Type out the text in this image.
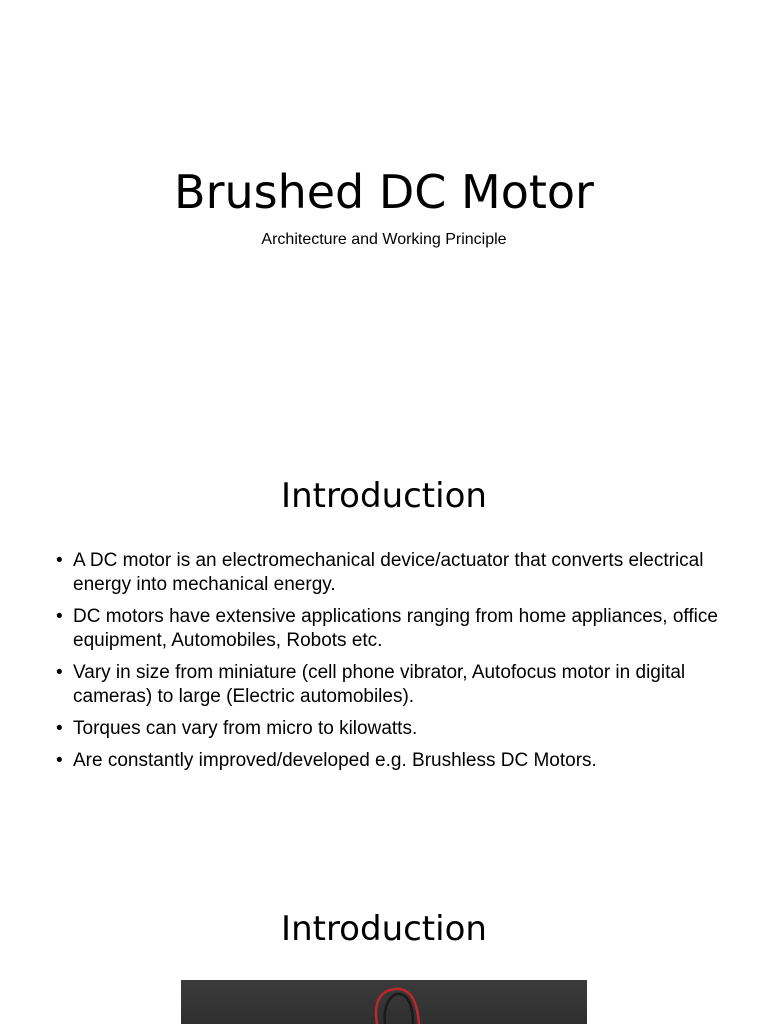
Brushed DC Motor

Architecture and Working Principle

Introduction
• A DC motor is an electromechanical device/actuator that converts electrical energy into mechanical energy.
• DC motors have extensive applications ranging from home appliances, office equipment, Automobiles, Robots etc.
• Vary in size from miniature (cell phone vibrator, Autofocus motor in digital cameras) to large (Electric automobiles).
• Torques can vary from micro to kilowatts.
• Are constantly improved/developed e.g. Brushless DC Motors.
Introduction
